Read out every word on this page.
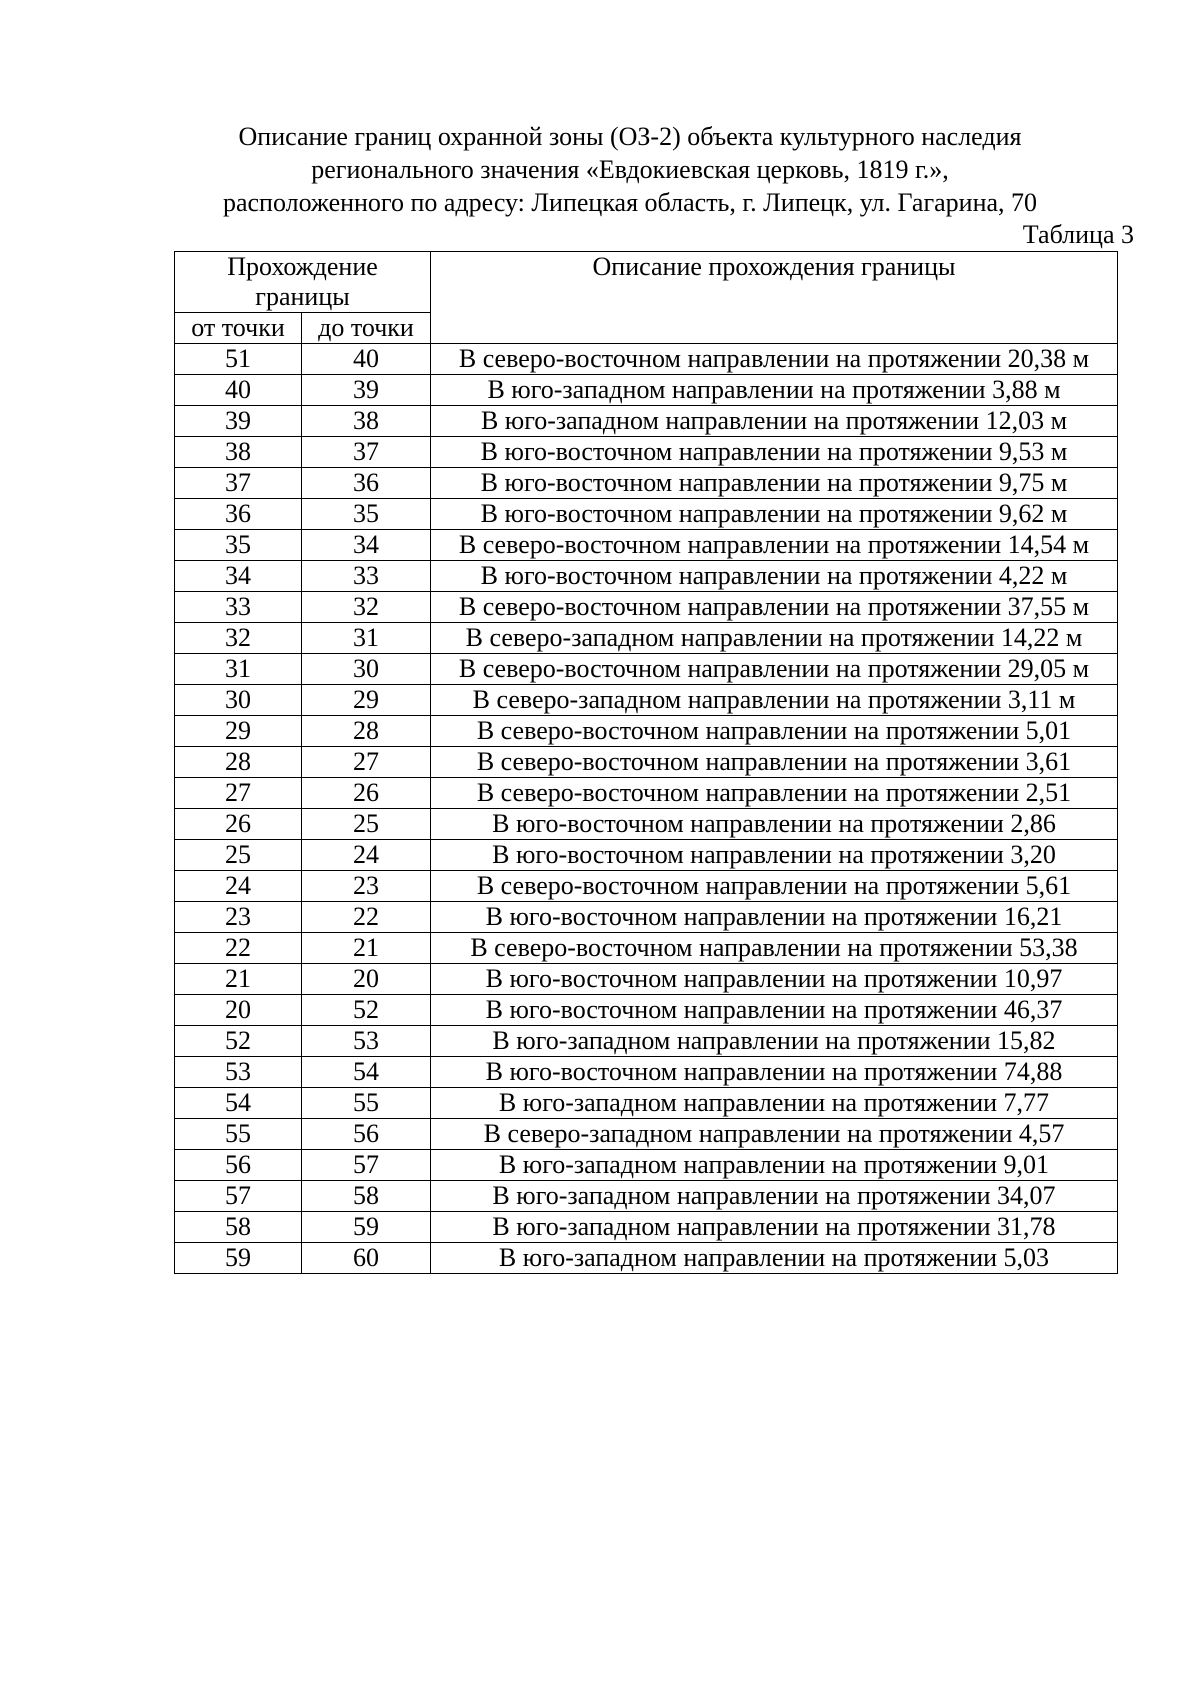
Описание границ охранной зоны (ОЗ-2) объекта культурного наследия
регионального значения «Евдокиевская церковь, 1819 г.»,
расположенного по адресу: Липецкая область, г. Липецк, ул. Гагарина, 70
Таблица 3
Прохождение границы		Описание прохождения границы
от точки	до точки	
51	40	В северо-восточном направлении на протяжении 20,38 м
40	39	В юго-западном направлении на протяжении 3,88 м
39	38	В юго-западном направлении на протяжении 12,03 м
38	37	В юго-восточном направлении на протяжении 9,53 м
37	36	В юго-восточном направлении на протяжении 9,75 м
36	35	В юго-восточном направлении на протяжении 9,62 м
35	34	В северо-восточном направлении на протяжении 14,54 м
34	33	В юго-восточном направлении на протяжении 4,22 м
33	32	В северо-восточном направлении на протяжении 37,55 м
32	31	В северо-западном направлении на протяжении 14,22 м
31	30	В северо-восточном направлении на протяжении 29,05 м
30	29	В северо-западном направлении на протяжении 3,11 м
29	28	В северо-восточном направлении на протяжении 5,01
28	27	В северо-восточном направлении на протяжении 3,61
27	26	В северо-восточном направлении на протяжении 2,51
26	25	В юго-восточном направлении на протяжении 2,86
25	24	В юго-восточном направлении на протяжении 3,20
24	23	В северо-восточном направлении на протяжении 5,61
23	22	В юго-восточном направлении на протяжении 16,21
22	21	В северо-восточном направлении на протяжении 53,38
21	20	В юго-восточном направлении на протяжении 10,97
20	52	В юго-восточном направлении на протяжении 46,37
52	53	В юго-западном направлении на протяжении 15,82
53	54	В юго-восточном направлении на протяжении 74,88
54	55	В юго-западном направлении на протяжении 7,77
55	56	В северо-западном направлении на протяжении 4,57
56	57	В юго-западном направлении на протяжении 9,01
57	58	В юго-западном направлении на протяжении 34,07
58	59	В юго-западном направлении на протяжении 31,78
59	60	В юго-западном направлении на протяжении 5,03
